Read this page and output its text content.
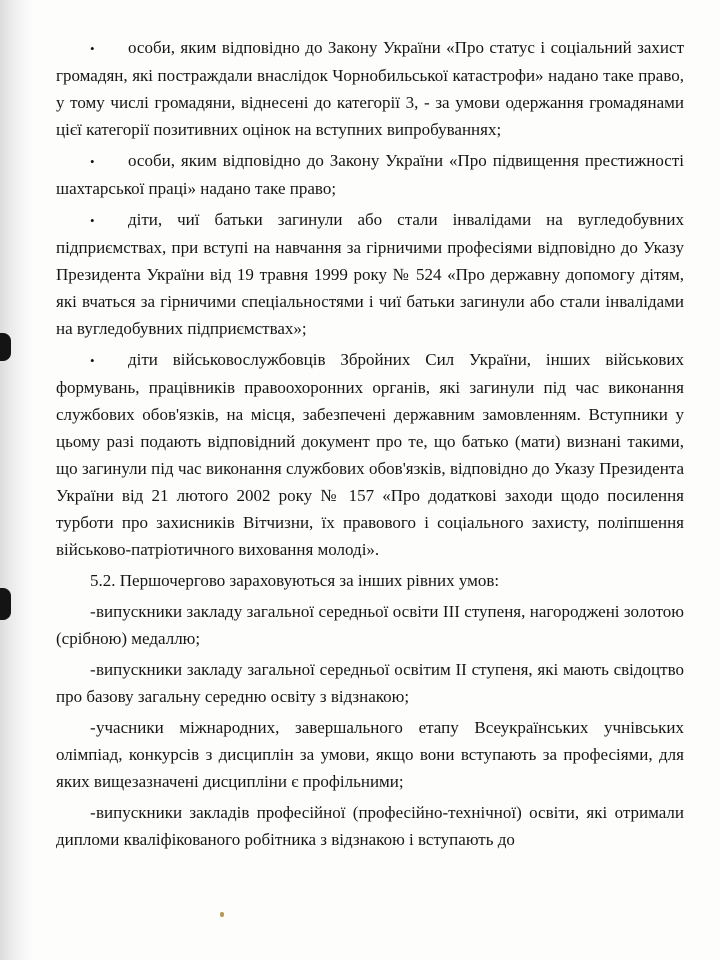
• особи, яким відповідно до Закону України «Про статус і соціальний захист громадян, які постраждали внаслідок Чорнобильської катастрофи» надано таке право, у тому числі громадяни, віднесені до категорії 3, - за умови одержання громадянами цієї категорії позитивних оцінок на вступних випробуваннях;

• особи, яким відповідно до Закону України «Про підвищення престижності шахтарської праці» надано таке право;

• діти, чиї батьки загинули або стали інвалідами на вугледобувних підприємствах, при вступі на навчання за гірничими професіями відповідно до Указу Президента України від 19 травня 1999 року № 524 «Про державну допомогу дітям, які вчаться за гірничими спеціальностями і чиї батьки загинули або стали інвалідами на вугледобувних підприємствах»;

• діти військовослужбовців Збройних Сил України, інших військових формувань, працівників правоохоронних органів, які загинули під час виконання службових обов'язків, на місця, забезпечені державним замовленням. Вступники у цьому разі подають відповідний документ про те, що батько (мати) визнані такими, що загинули під час виконання службових обов'язків, відповідно до Указу Президента України від 21 лютого 2002 року № 157 «Про додаткові заходи щодо посилення турботи про захисників Вітчизни, їх правового і соціального захисту, поліпшення військово-патріотичного виховання молоді».

5.2. Першочергово зараховуються за інших рівних умов:

-випускники закладу загальної середньої освіти ІІІ ступеня, нагороджені золотою (срібною) медаллю;

-випускники закладу загальної середньої освітим ІІ ступеня, які мають свідоцтво про базову загальну середню освіту з відзнакою;

-учасники міжнародних, завершального етапу Всеукраїнських учнівських олімпіад, конкурсів з дисциплін за умови, якщо вони вступають за професіями, для яких вищезазначені дисципліни є профільними;

-випускники закладів професійної (професійно-технічної) освіти, які отримали дипломи кваліфікованого робітника з відзнакою і вступають до
